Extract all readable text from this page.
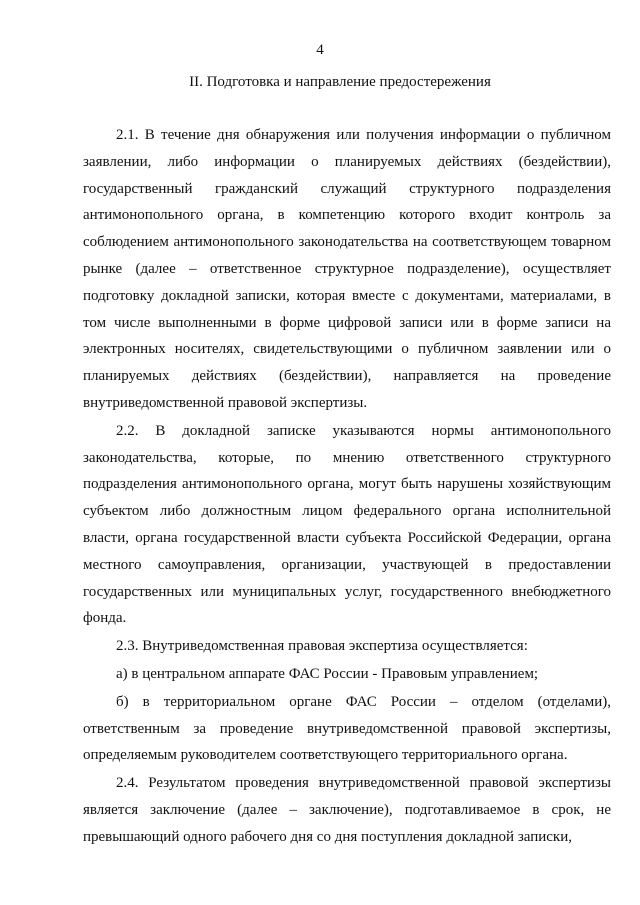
4
II. Подготовка и направление предостережения

2.1. В течение дня обнаружения или получения информации о публичном заявлении, либо информации о планируемых действиях (бездействии), государственный гражданский служащий структурного подразделения антимонопольного органа, в компетенцию которого входит контроль за соблюдением антимонопольного законодательства на соответствующем товарном рынке (далее – ответственное структурное подразделение), осуществляет подготовку докладной записки, которая вместе с документами, материалами, в том числе выполненными в форме цифровой записи или в форме записи на электронных носителях, свидетельствующими о публичном заявлении или о планируемых действиях (бездействии), направляется на проведение внутриведомственной правовой экспертизы.

2.2. В докладной записке указываются нормы антимонопольного законодательства, которые, по мнению ответственного структурного подразделения антимонопольного органа, могут быть нарушены хозяйствующим субъектом либо должностным лицом федерального органа исполнительной власти, органа государственной власти субъекта Российской Федерации, органа местного самоуправления, организации, участвующей в предоставлении государственных или муниципальных услуг, государственного внебюджетного фонда.

2.3. Внутриведомственная правовая экспертиза осуществляется:

а) в центральном аппарате ФАС России - Правовым управлением;

б) в территориальном органе ФАС России – отделом (отделами), ответственным за проведение внутриведомственной правовой экспертизы, определяемым руководителем соответствующего территориального органа.

2.4. Результатом проведения внутриведомственной правовой экспертизы является заключение (далее – заключение), подготавливаемое в срок, не превышающий одного рабочего дня со дня поступления докладной записки,
